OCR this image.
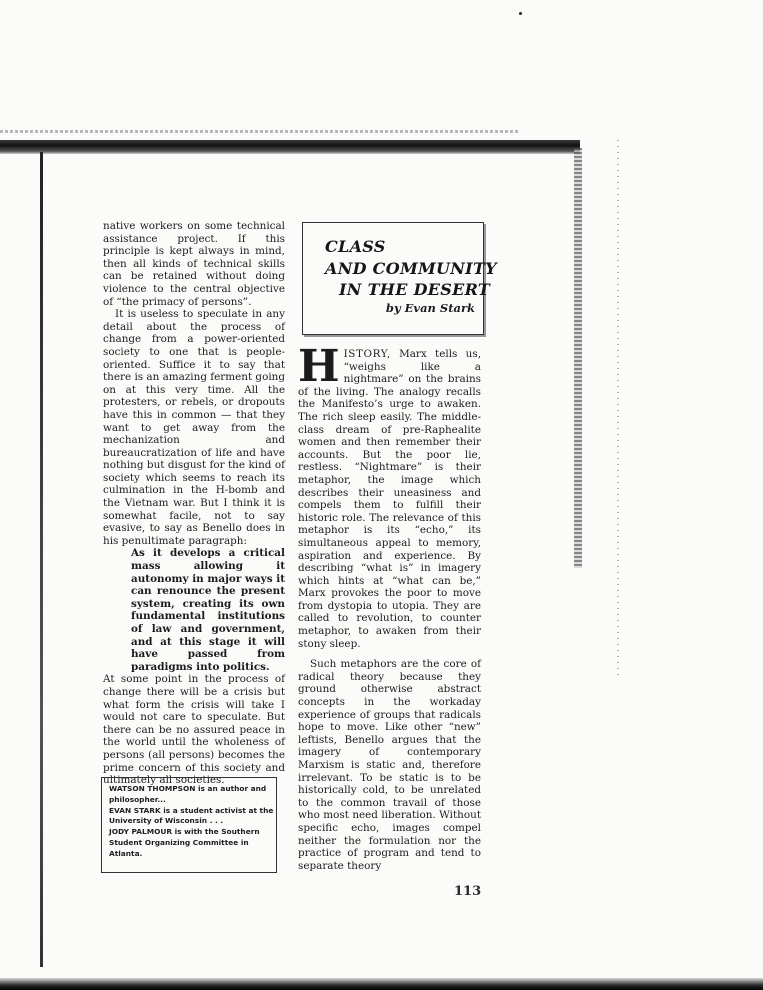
native workers on some technical assistance project. If this principle is kept always in mind, then all kinds of technical skills can be retained without doing violence to the central objective of “the primacy of persons”.

It is useless to speculate in any detail about the process of change from a power-oriented society to one that is people-oriented. Suffice it to say that there is an amazing ferment going on at this very time. All the protesters, or rebels, or dropouts have this in common — that they want to get away from the mechanization and bureaucratization of life and have nothing but disgust for the kind of society which seems to reach its culmination in the H-bomb and the Vietnam war. But I think it is somewhat facile, not to say evasive, to say as Benello does in his penultimate paragraph:

As it develops a critical mass allowing it autonomy in major ways it can renounce the present system, creating its own fundamental institutions of law and government, and at this stage it will have passed from paradigms into politics.

At some point in the process of change there will be a crisis but what form the crisis will take I would not care to speculate. But there can be no assured peace in the world until the wholeness of persons (all persons) becomes the prime concern of this society and ultimately all societies.

CLASS
AND COMMUNITY
IN THE DESERT
by Evan Stark

HISTORY, Marx tells us, “weighs like a nightmare” on the brains of the living. The analogy recalls the Manifesto’s urge to awaken. The rich sleep easily. The middle-class dream of pre-Raphealite women and then remember their accounts. But the poor lie, restless. “Nightmare” is their metaphor, the image which describes their uneasiness and compels them to fulfill their historic role. The relevance of this metaphor is its “echo,” its simultaneous appeal to memory, aspiration and experience. By describing “what is” in imagery which hints at “what can be,” Marx provokes the poor to move from dystopia to utopia. They are called to revolution, to counter metaphor, to awaken from their stony sleep.

Such metaphors are the core of radical theory because they ground otherwise abstract concepts in the workaday experience of groups that radicals hope to move. Like other “new” leftists, Benello argues that the imagery of contemporary Marxism is static and, therefore irrelevant. To be static is to be historically cold, to be unrelated to the common travail of those who most need liberation. Without specific echo, images compel neither the formulation nor the practice of program and tend to separate theory

WATSON THOMPSON is an author and philosopher...
EVAN STARK is a student activist at the University of Wisconsin . . .
JODY PALMOUR is with the Southern Student Organizing Committee in Atlanta.
113
